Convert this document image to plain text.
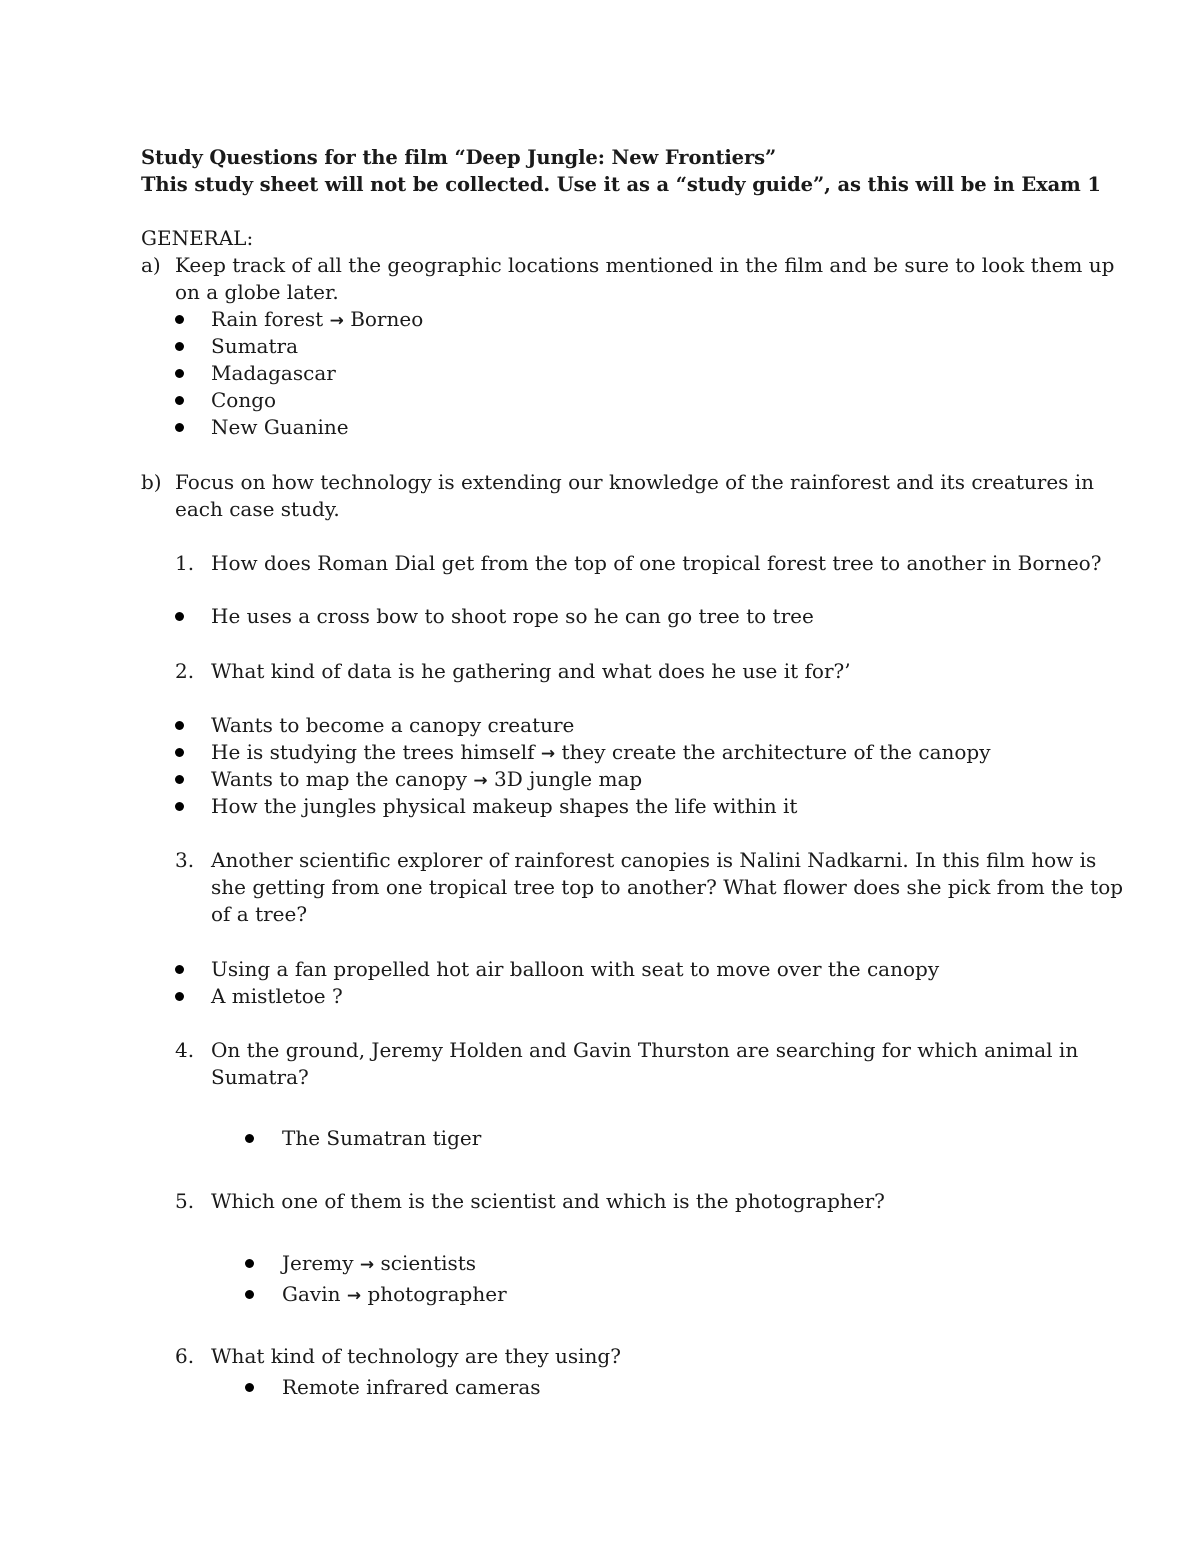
Study Questions for the film “Deep Jungle: New Frontiers”
This study sheet will not be collected. Use it as a “study guide”, as this will be in Exam 1
GENERAL:
a) Keep track of all the geographic locations mentioned in the film and be sure to look them up
on a globe later.
Rain forest → Borneo
Sumatra
Madagascar
Congo
New Guanine
b) Focus on how technology is extending our knowledge of the rainforest and its creatures in
each case study.
1. How does Roman Dial get from the top of one tropical forest tree to another in Borneo?
He uses a cross bow to shoot rope so he can go tree to tree
2. What kind of data is he gathering and what does he use it for?’
Wants to become a canopy creature
He is studying the trees himself → they create the architecture of the canopy
Wants to map the canopy → 3D jungle map
How the jungles physical makeup shapes the life within it
3. Another scientific explorer of rainforest canopies is Nalini Nadkarni. In this film how is
she getting from one tropical tree top to another? What flower does she pick from the top
of a tree?
Using a fan propelled hot air balloon with seat to move over the canopy
A mistletoe ?
4. On the ground, Jeremy Holden and Gavin Thurston are searching for which animal in
Sumatra?
The Sumatran tiger
5. Which one of them is the scientist and which is the photographer?
Jeremy → scientists
Gavin → photographer
6. What kind of technology are they using?
Remote infrared cameras
